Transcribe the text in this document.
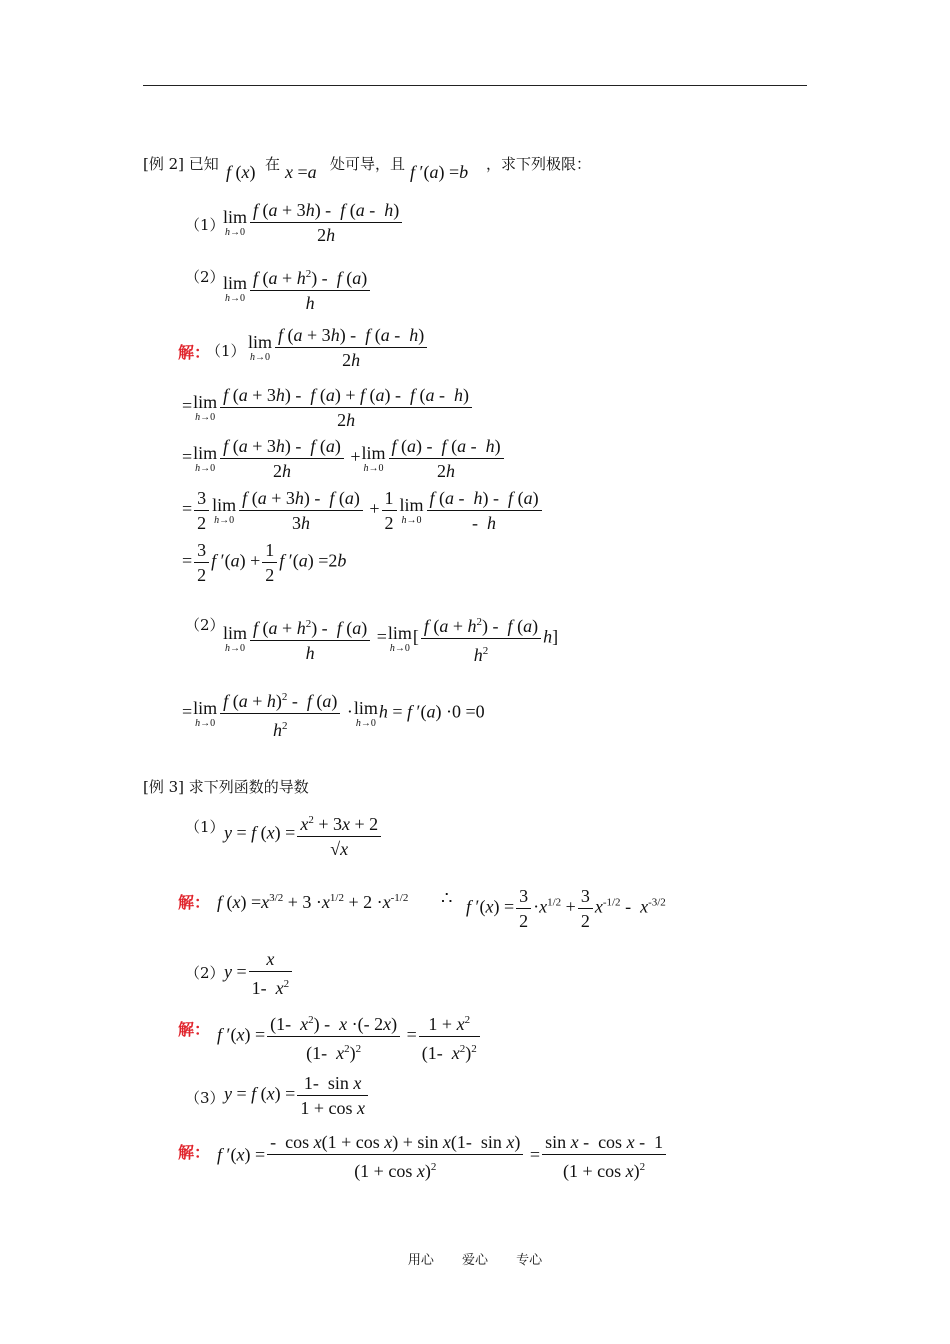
[例 2] 已知 f (x) 在 x =a 处可导，且 f ′(a) =b ，求下列极限：
（1）
lim
$h\to 0 \frac{f (a + 3h) - f (a - h)}{2h}$
（2）
lim
$h\to 0 \frac{f (a + h^2) - f (a)}{h}$
解：
（1） lim
$h\to 0 \frac{f (a + 3h) - f (a - h)}{2h}$
= lim
$h\to 0 \frac{f (a + 3h) - f (a) + f (a) - f (a - h)}{2h}$
= lim
$h\to 0 \frac{f (a + 3h) - f (a)}{2h} + \lim$
$h\to 0 \frac{f (a) - f (a - h)}{2h}$
= $\frac{3}{2}$ lim
$h\to 0 \frac{f (a + 3h) - f (a)}{3h} + \frac{1}{2}$ lim
$h\to 0 \frac{f (a - h) - f (a)}{- h}$
= $\frac{3}{2}$ f $'(a) + \frac{1}{2}$ f ′(a) =2b
（2）
lim
$h\to 0 \frac{f (a + h^2) - f (a)}{h} = \lim$
h→0
[ $\frac{f (a + h^2) - f (a)}{h^2} h$]
= lim
$h\to 0 \frac{f (a + h)^2 - f (a)}{h^2} \cdot \lim$
h→0
h = f ′(a) ·0 =0
[例 3] 求下列函数的导数
（1） y = f $(x) = \frac{x^2 + 3x + 2}{√x}$
解： f $(x) =x^{3/2} + 3 \cdot x^{1/2} + 2 \cdot x^{-1/2}$ ∴ f $'(x) = \frac{3}{2} \cdot x^{1/2} + \frac{3}{2} x^{-1/2} - x^{-3/2}$
（2） $y = \frac{x}{1- x^2}$
解： f $'(x) = \frac{(1- x^2) - x \cdot(- 2x)}{(1- x^2)^2} = \frac{1 + x^2}{(1- x^2)^2}$
（3） y = f $(x) = \frac{\text{1-  sin x}}{\text{1 + cos x}}$
解： f $'(x) = \frac{\text{-  cos x(1 + cos x) + sin x(1-  sin x)}}{(1 + \cos x)^2} = \frac{\text{sin x -  cos x -  1}}{(1 + \cos x)^2}$
用心 爱心 专心
